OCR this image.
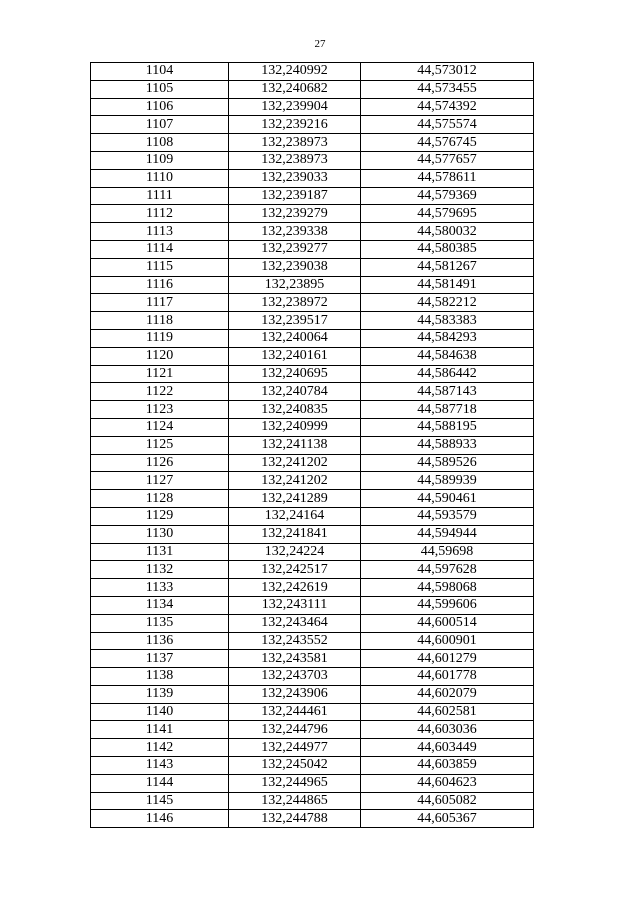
27
1104	132,240992	44,573012
1105	132,240682	44,573455
1106	132,239904	44,574392
1107	132,239216	44,575574
1108	132,238973	44,576745
1109	132,238973	44,577657
1110	132,239033	44,578611
1111	132,239187	44,579369
1112	132,239279	44,579695
1113	132,239338	44,580032
1114	132,239277	44,580385
1115	132,239038	44,581267
1116	132,23895	44,581491
1117	132,238972	44,582212
1118	132,239517	44,583383
1119	132,240064	44,584293
1120	132,240161	44,584638
1121	132,240695	44,586442
1122	132,240784	44,587143
1123	132,240835	44,587718
1124	132,240999	44,588195
1125	132,241138	44,588933
1126	132,241202	44,589526
1127	132,241202	44,589939
1128	132,241289	44,590461
1129	132,24164	44,593579
1130	132,241841	44,594944
1131	132,24224	44,59698
1132	132,242517	44,597628
1133	132,242619	44,598068
1134	132,243111	44,599606
1135	132,243464	44,600514
1136	132,243552	44,600901
1137	132,243581	44,601279
1138	132,243703	44,601778
1139	132,243906	44,602079
1140	132,244461	44,602581
1141	132,244796	44,603036
1142	132,244977	44,603449
1143	132,245042	44,603859
1144	132,244965	44,604623
1145	132,244865	44,605082
1146	132,244788	44,605367
